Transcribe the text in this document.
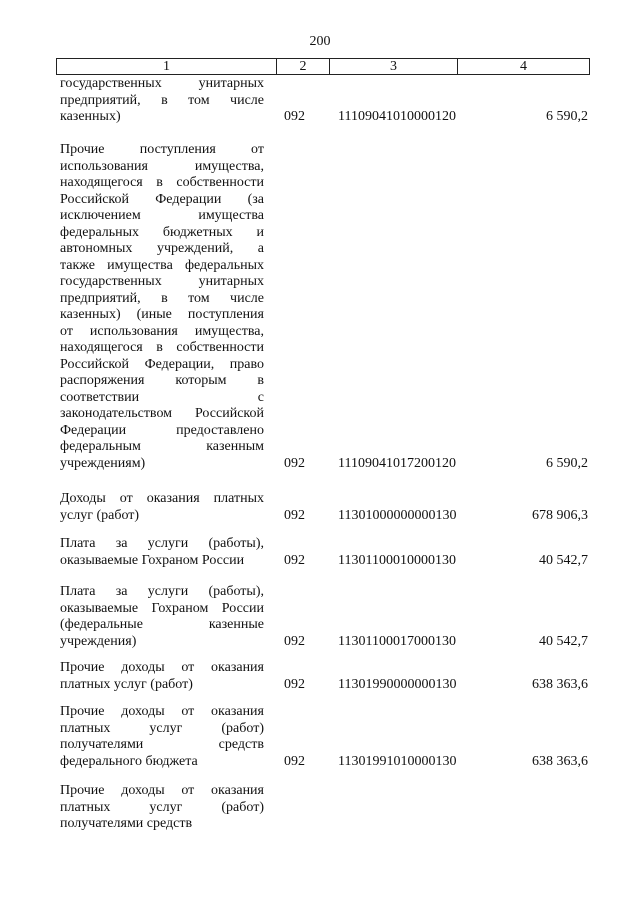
200
1	2	3	4
государственных унитарных
предприятий, в том числе
казенных)	092	11109041010000120	6 590,2
Прочие поступления от
использования имущества,
находящегося в собственности
Российской Федерации (за
исключением имущества
федеральных бюджетных и
автономных учреждений, а
также имущества федеральных
государственных унитарных
предприятий, в том числе
казенных) (иные поступления
от использования имущества,
находящегося в собственности
Российской Федерации, право
распоряжения которым в
соответствии с
законодательством Российской
Федерации предоставлено
федеральным казенным
учреждениям)	092	11109041017200120	6 590,2
Доходы от оказания платных
услуг (работ)	092	11301000000000130	678 906,3
Плата за услуги (работы),
оказываемые Гохраном России	092	11301100010000130	40 542,7
Плата за услуги (работы),
оказываемые Гохраном России
(федеральные казенные
учреждения)	092	11301100017000130	40 542,7
Прочие доходы от оказания
платных услуг (работ)	092	11301990000000130	638 363,6
Прочие доходы от оказания
платных услуг (работ)
получателями средств
федерального бюджета	092	11301991010000130	638 363,6
Прочие доходы от оказания
платных услуг (работ)
получателями средств
